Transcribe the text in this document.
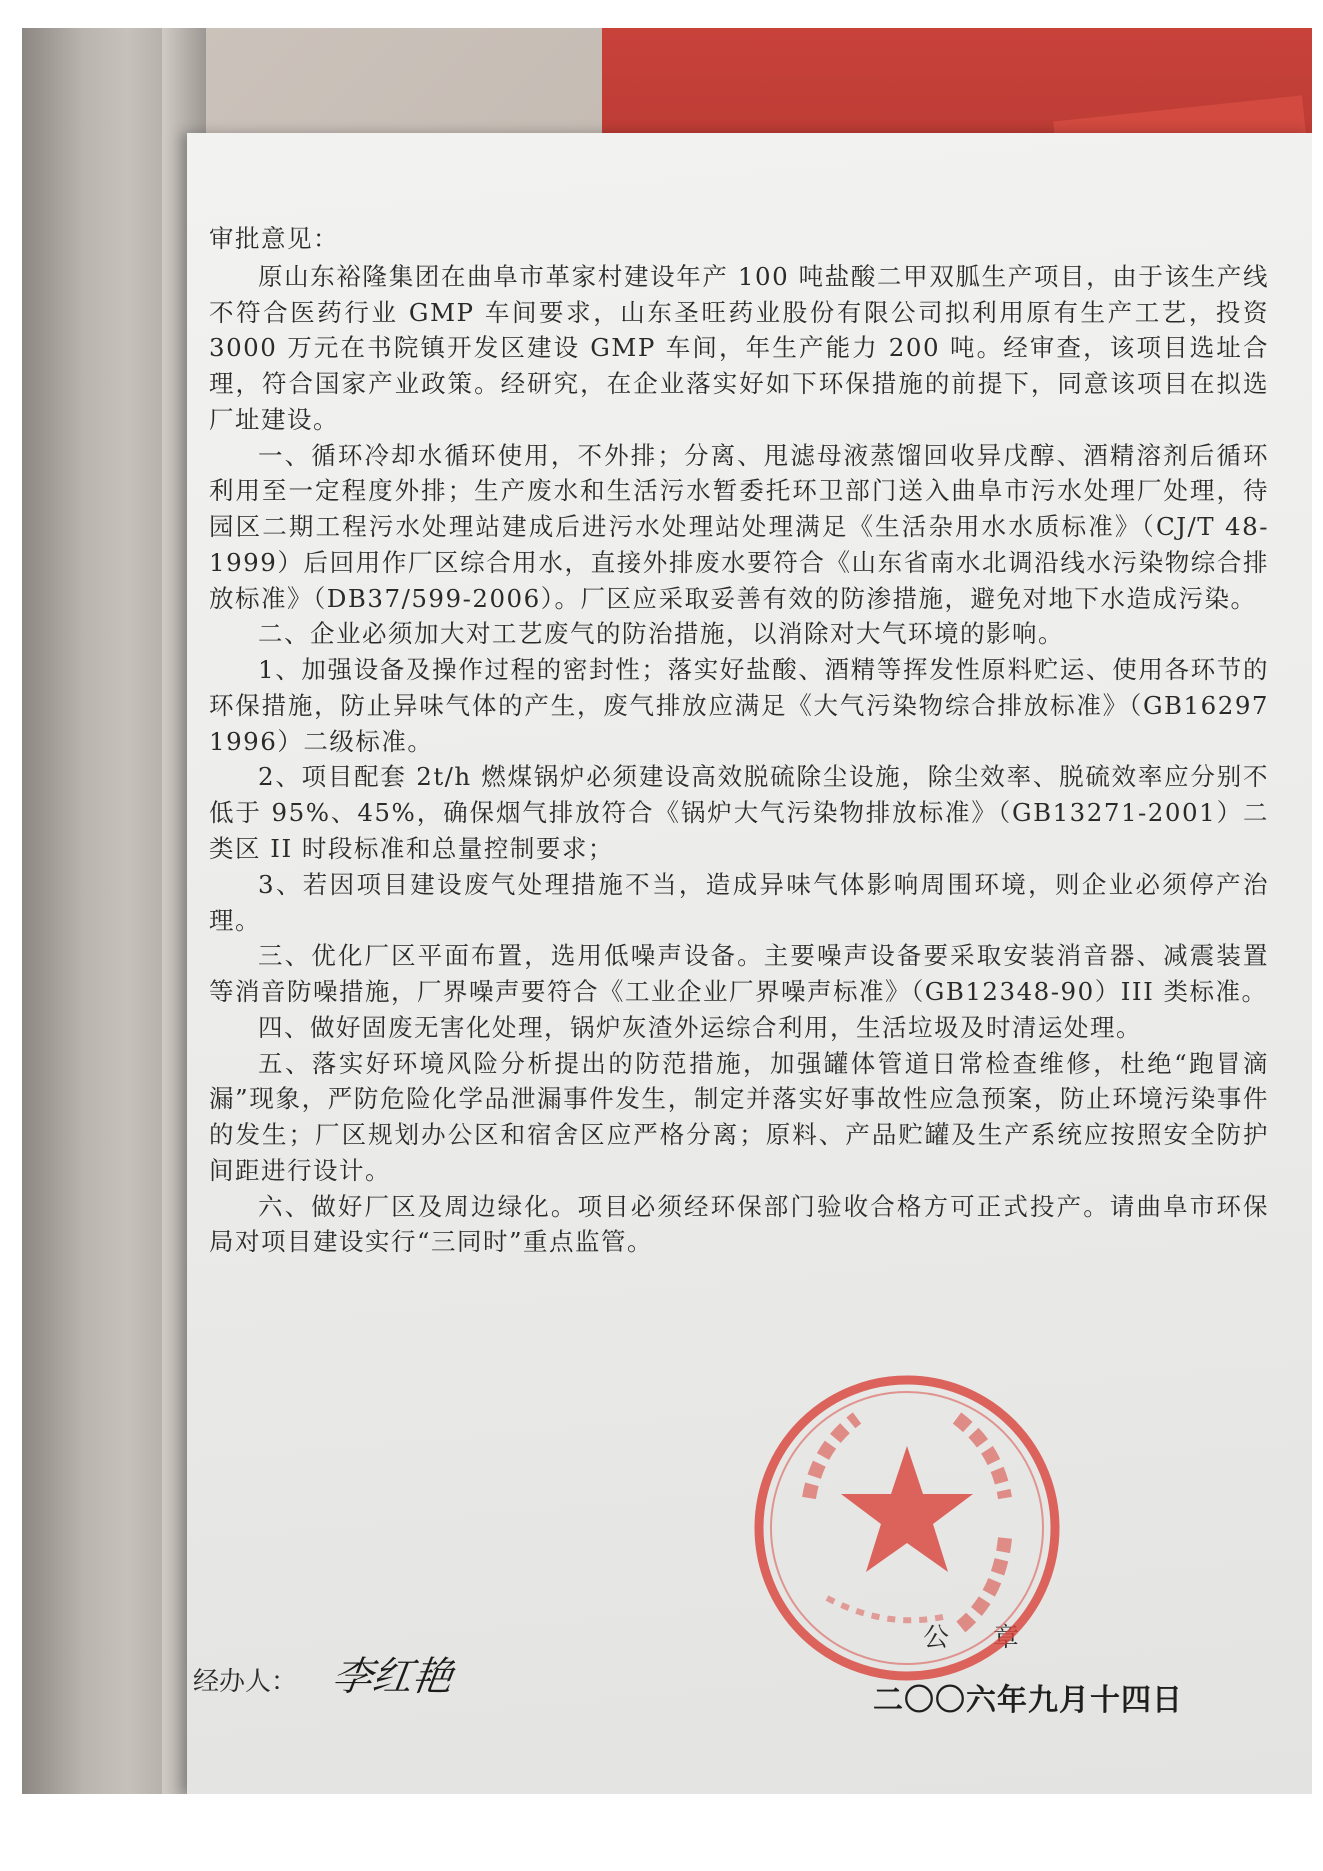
审批意见：

原山东裕隆集团在曲阜市革家村建设年产 100 吨盐酸二甲双胍生产项目，由于该生产线不符合医药行业 GMP 车间要求，山东圣旺药业股份有限公司拟利用原有生产工艺，投资 3000 万元在书院镇开发区建设 GMP 车间，年生产能力 200 吨。经审查，该项目选址合理，符合国家产业政策。经研究，在企业落实好如下环保措施的前提下，同意该项目在拟选厂址建设。

一、循环冷却水循环使用，不外排；分离、甩滤母液蒸馏回收异戊醇、酒精溶剂后循环利用至一定程度外排；生产废水和生活污水暂委托环卫部门送入曲阜市污水处理厂处理，待园区二期工程污水处理站建成后进污水处理站处理满足《生活杂用水水质标准》（CJ/T 48-1999）后回用作厂区综合用水，直接外排废水要符合《山东省南水北调沿线水污染物综合排放标准》（DB37/599-2006）。厂区应采取妥善有效的防渗措施，避免对地下水造成污染。

二、企业必须加大对工艺废气的防治措施，以消除对大气环境的影响。

1、加强设备及操作过程的密封性；落实好盐酸、酒精等挥发性原料贮运、使用各环节的环保措施，防止异味气体的产生，废气排放应满足《大气污染物综合排放标准》（GB16297 1996）二级标准。

2、项目配套 2t/h 燃煤锅炉必须建设高效脱硫除尘设施，除尘效率、脱硫效率应分别不低于 95%、45%，确保烟气排放符合《锅炉大气污染物排放标准》（GB13271-2001）二类区 II 时段标准和总量控制要求；

3、若因项目建设废气处理措施不当，造成异味气体影响周围环境，则企业必须停产治理。

三、优化厂区平面布置，选用低噪声设备。主要噪声设备要采取安装消音器、减震装置等消音防噪措施，厂界噪声要符合《工业企业厂界噪声标准》（GB12348-90）III 类标准。

四、做好固废无害化处理，锅炉灰渣外运综合利用，生活垃圾及时清运处理。

五、落实好环境风险分析提出的防范措施，加强罐体管道日常检查维修，杜绝“跑冒滴漏”现象，严防危险化学品泄漏事件发生，制定并落实好事故性应急预案，防止环境污染事件的发生；厂区规划办公区和宿舍区应严格分离；原料、产品贮罐及生产系统应按照安全防护间距进行设计。

六、做好厂区及周边绿化。项目必须经环保部门验收合格方可正式投产。请曲阜市环保局对项目建设实行“三同时”重点监管。

经办人： 李红艳
公章
二〇〇六年九月十四日
